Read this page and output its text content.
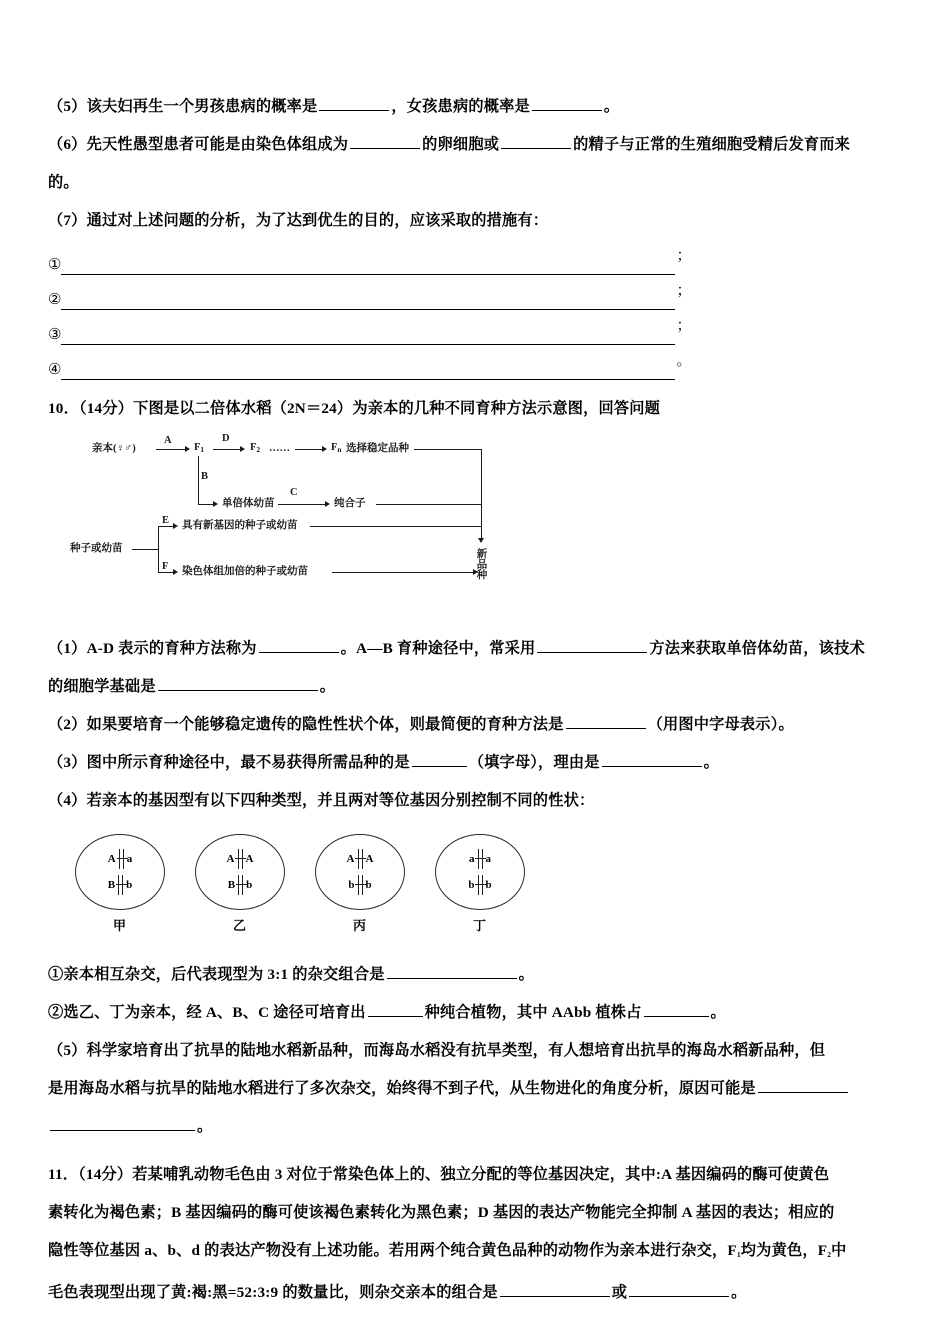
（5）该夫妇再生一个男孩患病的概率是	，女孩患病的概率是	。

（6）先天性愚型患者可能是由染色体组成为	的卵细胞或	的精子与正常的生殖细胞受精后发育而来

的。

（7）通过对上述问题的分析，为了达到优生的目的，应该采取的措施有：

①
；
②
；
③
；
④
。

10．（14分）下图是以二倍体水稻（2N＝24）为亲本的几种不同育种方法示意图，回答问题

亲本(♀♂)
A
$F_1$
D
$F_2$ ……	$F_n$ 选择稳定品种
B
单倍体幼苗
C
纯合子
种子或幼苗
E 具有新基因的种子或幼苗
F 染色体组加倍的种子或幼苗	新品种

（1）A-D 表示的育种方法称为	。A—B 育种途径中，常采用	方法来获取单倍体幼苗，该技术

的细胞学基础是	。

（2）如果要培育一个能够稳定遗传的隐性性状个体，则最简便的育种方法是	（用图中字母表示）。

（3）图中所示育种途径中，最不易获得所需品种的是	（填字母），理由是	。

（4）若亲本的基因型有以下四种类型，并且两对等位基因分别控制不同的性状：

A a
B b
甲
A A
B b
乙
A A
b b
丙
a a
b b
丁

①亲本相互杂交，后代表现型为 3:1 的杂交组合是	。

②选乙、丁为亲本，经 A、B、C 途径可培育出	种纯合植物，其中 AAbb 植株占	。

（5）科学家培育出了抗旱的陆地水稻新品种，而海岛水稻没有抗旱类型，有人想培育出抗旱的海岛水稻新品种，但

是用海岛水稻与抗旱的陆地水稻进行了多次杂交，始终得不到子代，从生物进化的角度分析，原因可能是

。

11．（14分）若某哺乳动物毛色由 3 对位于常染色体上的、独立分配的等位基因决定，其中:A 基因编码的酶可使黄色

素转化为褐色素；B 基因编码的酶可使该褐色素转化为黑色素；D 基因的表达产物能完全抑制 A 基因的表达；相应的

隐性等位基因 a、b、d 的表达产物没有上述功能。若用两个纯合黄色品种的动物作为亲本进行杂交，$F_1$均为黄色，$F_2$中

毛色表现型出现了黄:褐:黑=52:3:9 的数量比，则杂交亲本的组合是	或	。
